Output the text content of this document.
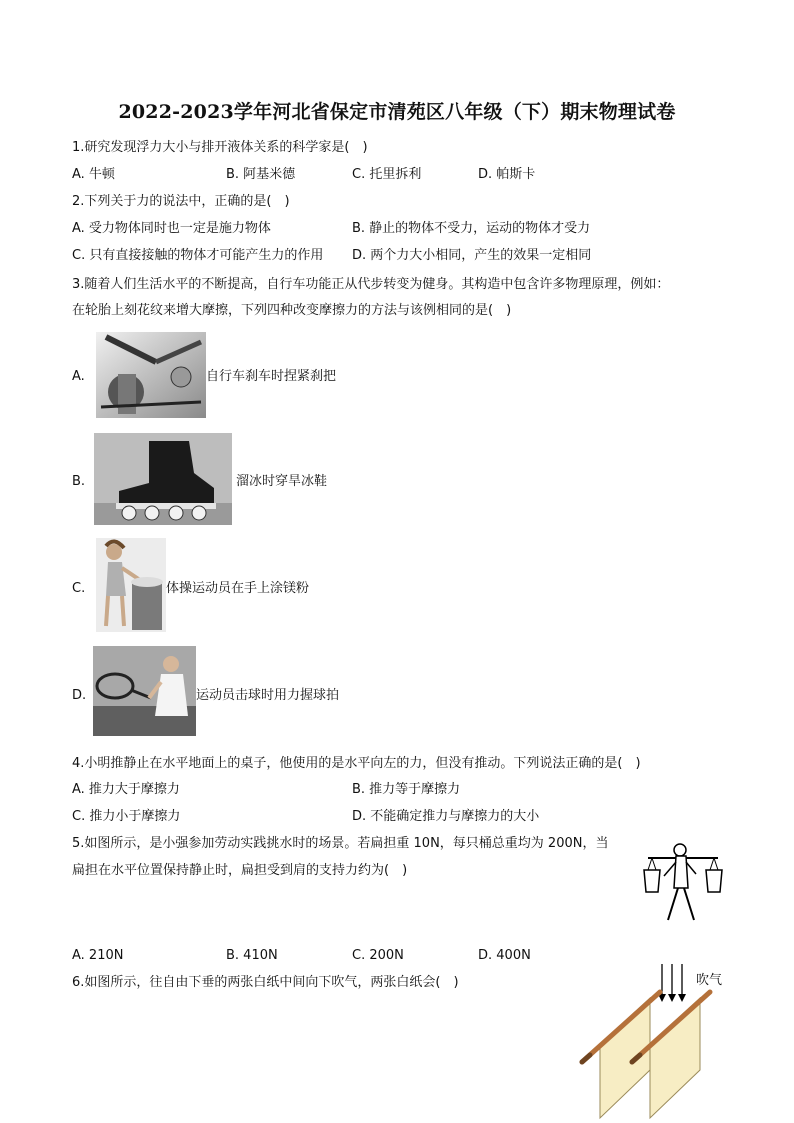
2022-2023学年河北省保定市清苑区八年级（下）期末物理试卷
1.研究发现浮力大小与排开液体关系的科学家是(　)
A. 牛顿	B. 阿基米德	C. 托里拆利	D. 帕斯卡
2.下列关于力的说法中，正确的是(　)
A. 受力物体同时也一定是施力物体	B. 静止的物体不受力，运动的物体才受力
C. 只有直接接触的物体才可能产生力的作用 D. 两个力大小相同，产生的效果一定相同
3.随着人们生活水平的不断提高，自行车功能正从代步转变为健身。其构造中包含许多物理原理，例如：
在轮胎上刻花纹来增大摩擦，下列四种改变摩擦力的方法与该例相同的是(　)
A.	自行车刹车时捏紧刹把
B.	溜冰时穿旱冰鞋
C.	体操运动员在手上涂镁粉
D.	运动员击球时用力握球拍
4.小明推静止在水平地面上的桌子，他使用的是水平向左的力，但没有推动。下列说法正确的是(　)
A. 推力大于摩擦力	B. 推力等于摩擦力
C. 推力小于摩擦力	D. 不能确定推力与摩擦力的大小
5.如图所示，是小强参加劳动实践挑水时的场景。若扁担重 10N，每只桶总重均为 200N，当
扁担在水平位置保持静止时，扁担受到肩的支持力约为(　)
A. 210N	B. 410N	C. 200N	D. 400N
6.如图所示，往自由下垂的两张白纸中间向下吹气，两张白纸会(　)	吹气
